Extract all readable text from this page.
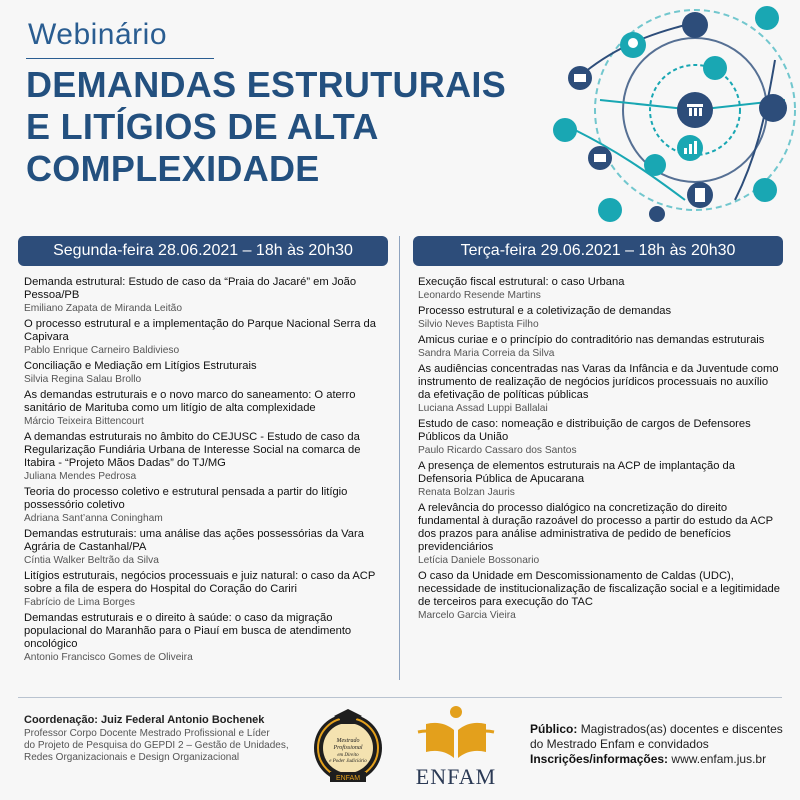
Webinário
DEMANDAS ESTRUTURAIS
E LITÍGIOS DE ALTA
COMPLEXIDADE
Segunda-feira 28.06.2021 – 18h às 20h30	Terça-feira 29.06.2021 – 18h às 20h30
Demanda estrutural: Estudo de caso da “Praia do Jacaré” em João Pessoa/PB
Emiliano Zapata de Miranda Leitão
O processo estrutural e a implementação do Parque Nacional Serra da Capivara
Pablo Enrique Carneiro Baldivieso
Conciliação e Mediação em Litígios Estruturais
Silvia Regina Salau Brollo
As demandas estruturais e o novo marco do saneamento: O aterro sanitário de Marituba como um litígio de alta complexidade
Márcio Teixeira Bittencourt
A demandas estruturais no âmbito do CEJUSC - Estudo de caso da Regularização Fundiária Urbana de Interesse Social na comarca de Itabira - “Projeto Mãos Dadas” do TJ/MG
Juliana Mendes Pedrosa
Teoria do processo coletivo e estrutural pensada a partir do litígio possessório coletivo
Adriana Sant’anna Coningham
Demandas estruturais: uma análise das ações possessórias da Vara Agrária de Castanhal/PA
Cíntia Walker Beltrão da Silva
Litígios estruturais, negócios processuais e juiz natural: o caso da ACP sobre a fila de espera do Hospital do Coração do Cariri
Fabrício de Lima Borges
Demandas estruturais e o direito à saúde: o caso da migração populacional do Maranhão para o Piauí em busca de atendimento oncológico
Antonio Francisco Gomes de Oliveira
Execução fiscal estrutural: o caso Urbana
Leonardo Resende Martins
Processo estrutural e a coletivização de demandas
Silvio Neves Baptista Filho
Amicus curiae e o princípio do contraditório nas demandas estruturais
Sandra Maria Correia da Silva
As audiências concentradas nas Varas da Infância e da Juventude como instrumento de realização de negócios jurídicos processuais no auxílio da efetivação de políticas públicas
Luciana Assad Luppi Ballalai
Estudo de caso: nomeação e distribuição de cargos de Defensores Públicos da União
Paulo Ricardo Cassaro dos Santos
A presença de elementos estruturais na ACP de implantação da Defensoria Pública de Apucarana
Renata Bolzan Jauris
A relevância do processo dialógico na concretização do direito fundamental à duração razoável do processo a partir do estudo da ACP dos prazos para análise administrativa de pedido de benefícios previdenciários
Letícia Daniele Bossonario
O caso da Unidade em Descomissionamento de Caldas (UDC), necessidade de institucionalização de fiscalização social e a legitimidade de terceiros para execução do TAC
Marcelo Garcia Vieira
Coordenação: Juiz Federal Antonio Bochenek
Professor Corpo Docente Mestrado Profissional e Líder
do Projeto de Pesquisa do GEPDI 2 – Gestão de Unidades,
Redes Organizacionais e Design Organizacional
Mestrado
Profissional
em Direito
e Poder Judiciário
ENFAM	ENFAM
Público: Magistrados(as) docentes e discentes do Mestrado Enfam e convidados
Inscrições/informações: www.enfam.jus.br
